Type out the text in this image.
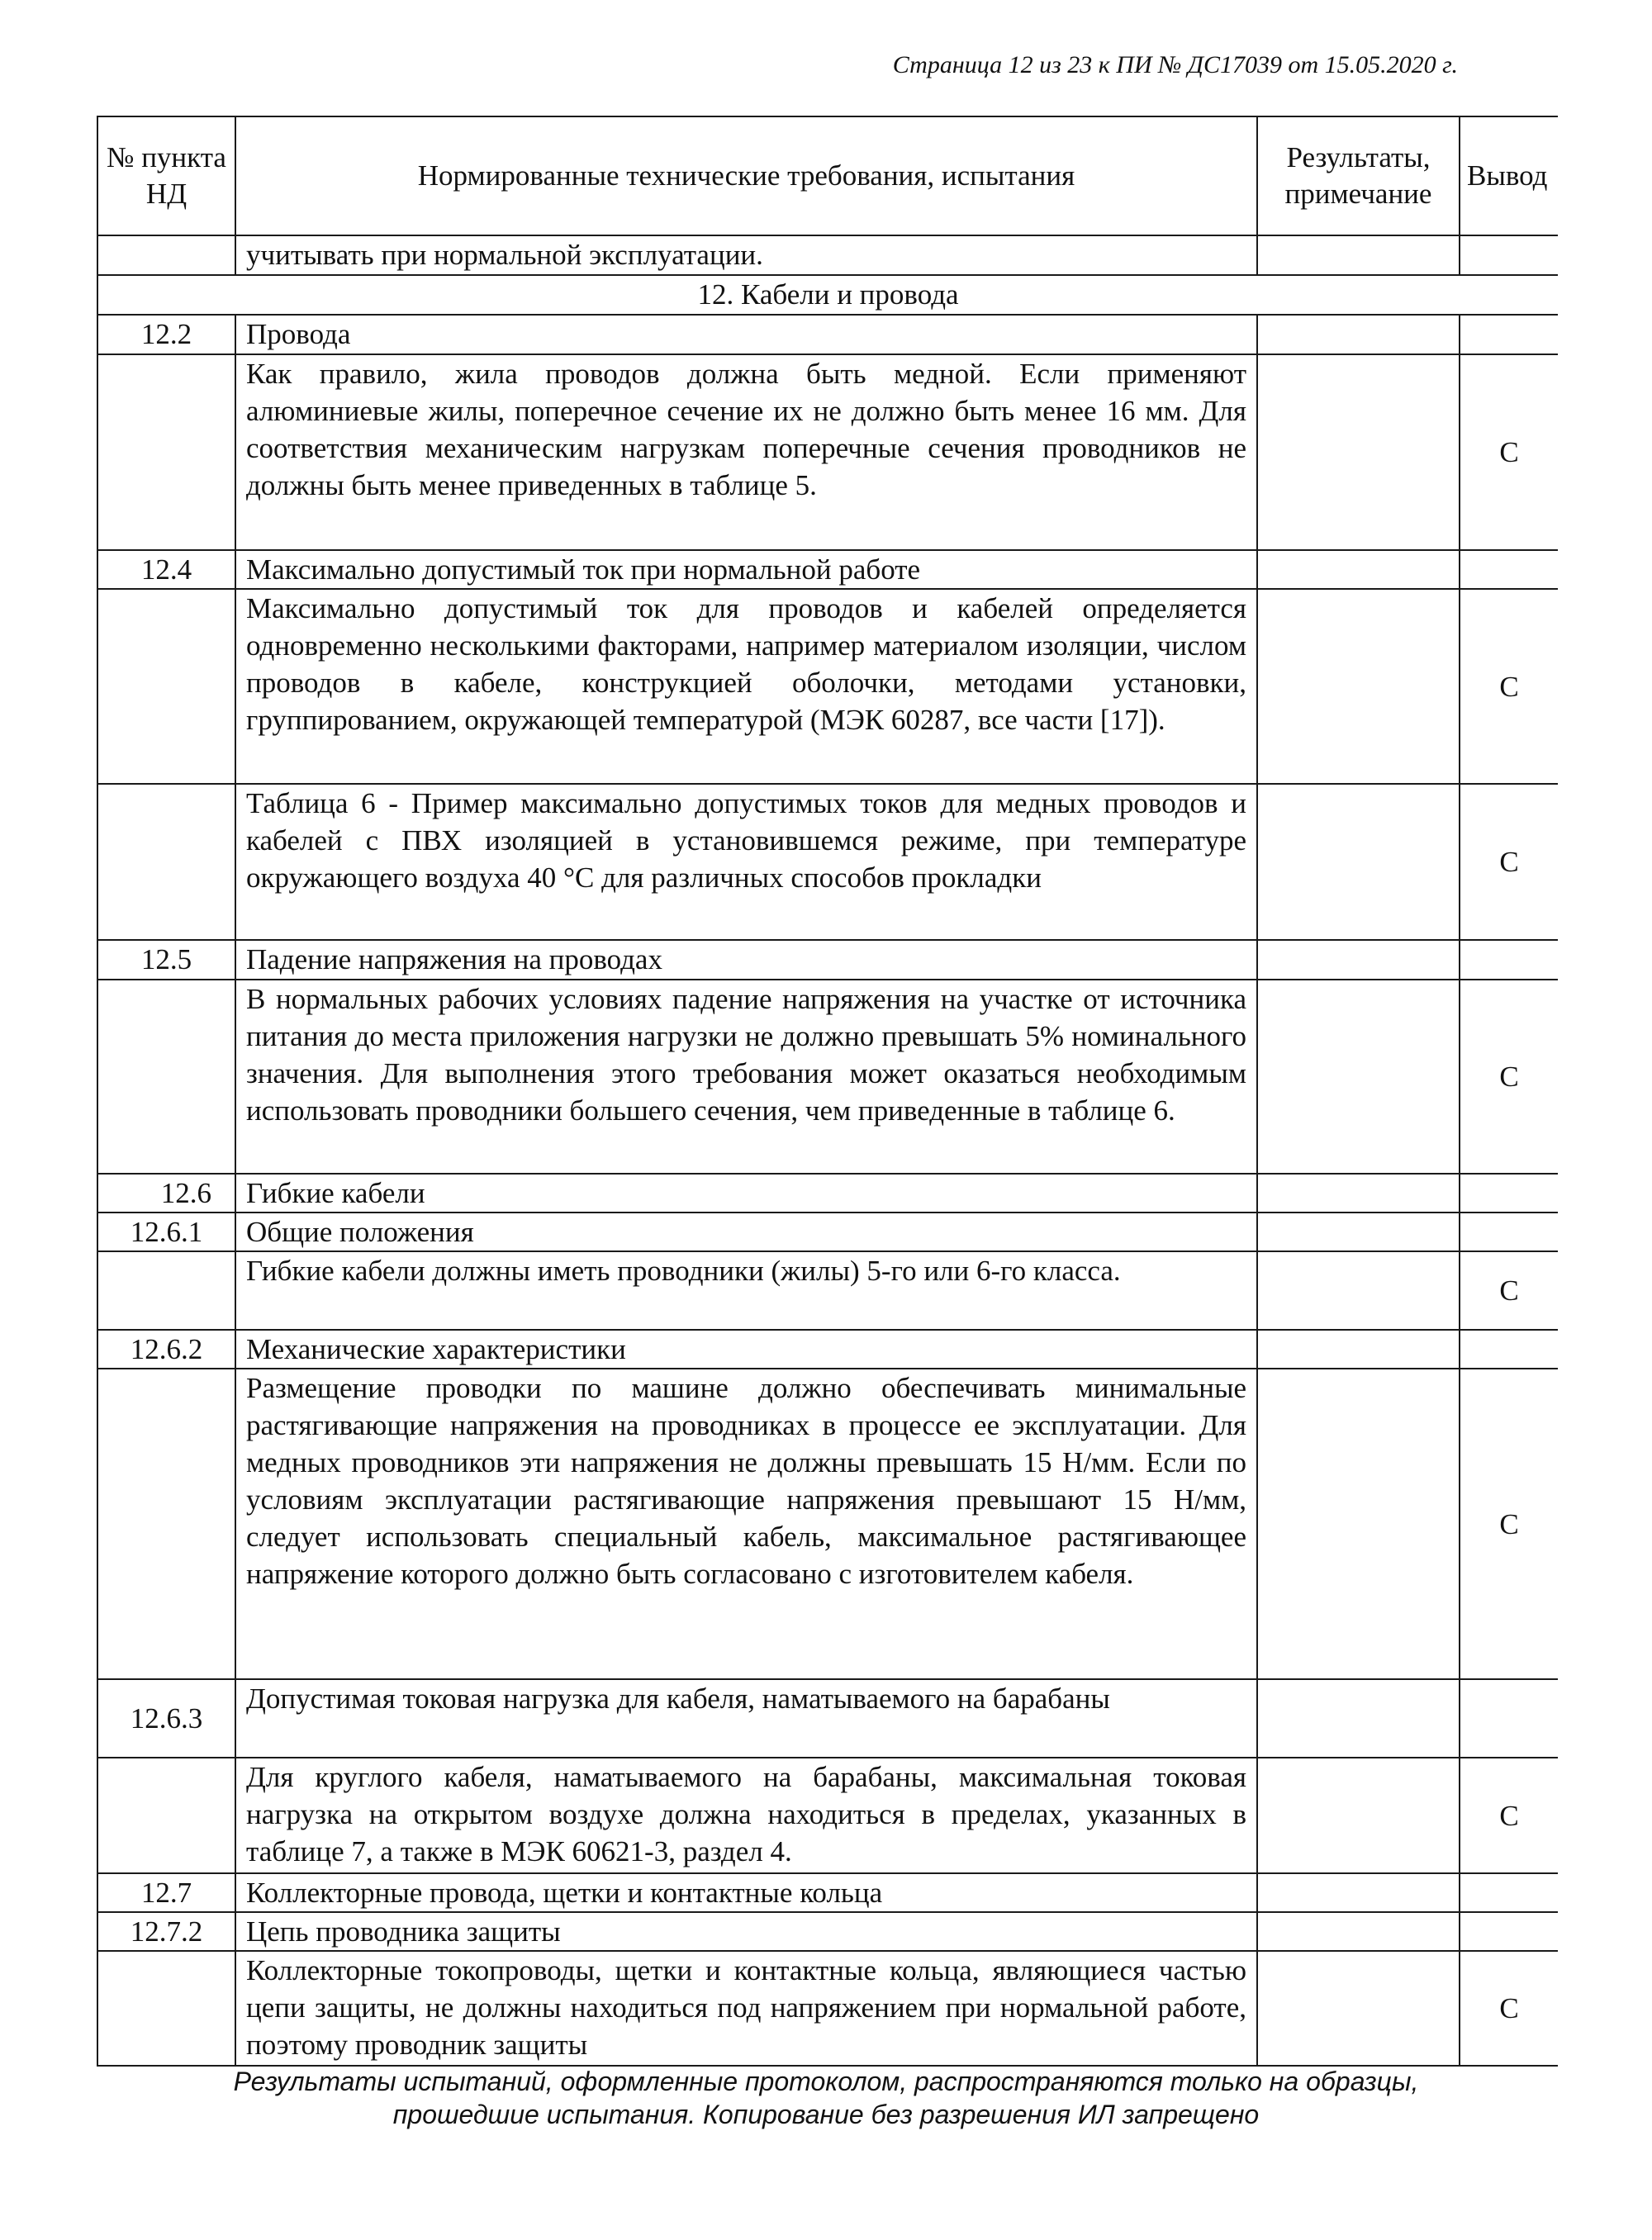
Страница 12 из 23 к ПИ № ДС17039 от 15.05.2020 г.
№ пункта НД	Нормированные технические требования, испытания	Результаты, примечание	Вывод
	учитывать при нормальной эксплуатации.		
12. Кабели и провода			
12.2	Провода		
	Как правило, жила проводов должна быть медной. Если применяют алюминиевые жилы, поперечное сечение их не должно быть менее 16 мм. Для соответствия механическим нагрузкам поперечные сечения проводников не должны быть менее приведенных в таблице 5.		С
12.4	Максимально допустимый ток при нормальной работе		
	Максимально допустимый ток для проводов и кабелей определяется одновременно несколькими факторами, например материалом изоляции, числом проводов в кабеле, конструкцией оболочки, методами установки, группированием, окружающей температурой (МЭК 60287, все части [17]).		С
	Таблица 6 - Пример максимально допустимых токов для медных проводов и кабелей с ПВХ изоляцией в установившемся режиме, при температуре окружающего воздуха 40 °С для различных способов прокладки		С
12.5	Падение напряжения на проводах		
	В нормальных рабочих условиях падение напряжения на участке от источника питания до места приложения нагрузки не должно превышать 5% номинального значения. Для выполнения этого требования может оказаться необходимым использовать проводники большего сечения, чем приведенные в таблице 6.		С
12.6	Гибкие кабели		
12.6.1	Общие положения		
	Гибкие кабели должны иметь проводники (жилы) 5-го или 6-го класса.		С
12.6.2	Механические характеристики		
	Размещение проводки по машине должно обеспечивать минимальные растягивающие напряжения на проводниках в процессе ее эксплуатации. Для медных проводников эти напряжения не должны превышать 15 Н/мм. Если по условиям эксплуатации растягивающие напряжения превышают 15 Н/мм, следует использовать специальный кабель, максимальное растягивающее напряжение которого должно быть согласовано с изготовителем кабеля.		С
12.6.3	Допустимая токовая нагрузка для кабеля, наматываемого на барабаны		
	Для круглого кабеля, наматываемого на барабаны, максимальная токовая нагрузка на открытом воздухе должна находиться в пределах, указанных в таблице 7, а также в МЭК 60621-3, раздел 4.		С
12.7	Коллекторные провода, щетки и контактные кольца		
12.7.2	Цепь проводника защиты		
	Коллекторные токопроводы, щетки и контактные кольца, являющиеся частью цепи защиты, не должны находиться под напряжением при нормальной работе, поэтому проводник защиты		С
Результаты испытаний, оформленные протоколом, распространяются только на образцы,
прошедшие испытания. Копирование без разрешения ИЛ запрещено
